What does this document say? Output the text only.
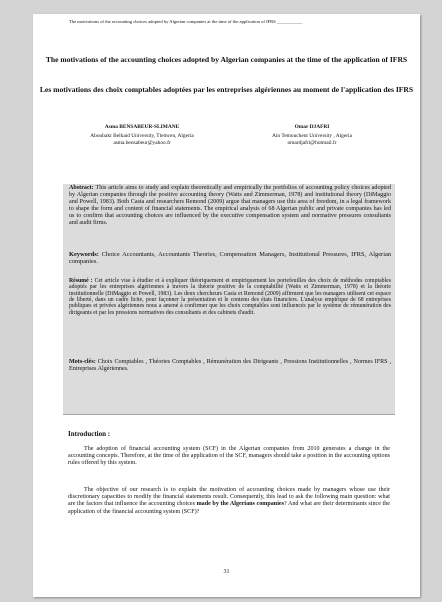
The motivations of the accounting choices adopted by Algerian companies at the time of the application of IFRS ___________
The motivations of the accounting choices adopted by Algerian companies at the time of the application of IFRS
Les motivations des choix comptables adoptées par les entreprises algériennes au moment de l'application des IFRS
Asma BENSABEUR-SLIMANE
Aboubakr Belkaid University, Tlemcen, Algeria
asma.bensabeur@yahoo.fr
Omar DJAFRI
Ain Temouchent University , Algeria
omardjafri@hotmail.fr
Abstract: This article aims to study and explain theoretically and empirically the portfolios of accounting policy choices adopted by Algerian companies through the positive accounting theory (Watts and Zimmerman, 1978) and institutional theory (DiMaggio and Powell, 1983). Both Casta and researchers Remond (2009) argue that managers use this area of freedom, in a legal framework to shape the form and content of financial statements. The empirical analysis of 68 Algerian public and private companies has led us to confirm that accounting choices are influenced by the executive compensation system and normative pressures consultants and audit firms.
Keywords: Choice Accountants, Accountants Theories, Compensation Managers, Institutional Pressures, IFRS, Algerian companies.
Résumé : Cet article vise à étudier et à expliquer théoriquement et empiriquement les portefeuilles des choix de méthodes comptables adoptés par les entreprises algériennes à travers la théorie positive de la comptabilité (Watts et Zimmerman, 1978) et la théorie institutionnelle (DiMaggio et Powell, 1983). Les deux chercheurs Casta et Remond (2009) affirment que les managers utilisent cet espace de liberté, dans un cadre licite, pour façonner la présentation et le contenu des états financiers. L'analyse empirique de 68 entreprises publiques et privées algériennes nous a amené à confirmer que les choix comptables sont influencés par le système de rémunération des dirigeants et par les pressions normatives des consultants et des cabinets d'audit.
Mots-clés: Choix Comptables , Théories Comptables , Rémunération des Dirigeants , Pressions Institutionnelles , Normes IFRS , Entreprises Algériennes.
Introduction :
The adoption of financial accounting system (SCF) in the Algerian companies from 2010 generates a change in the accounting concepts. Therefore, at the time of the application of the SCF, managers should take a position in the accounting options rules offered by this system.
The objective of our research is to explain the motivation of accounting choices made by managers whose use their discretionary capacities to modify the financial statements result. Consequently, this lead to ask the following main question: what are the factors that influence the accounting choices made by the Algerians companies? And what are their determinants since the application of the financial accounting system (SCF)?
31
